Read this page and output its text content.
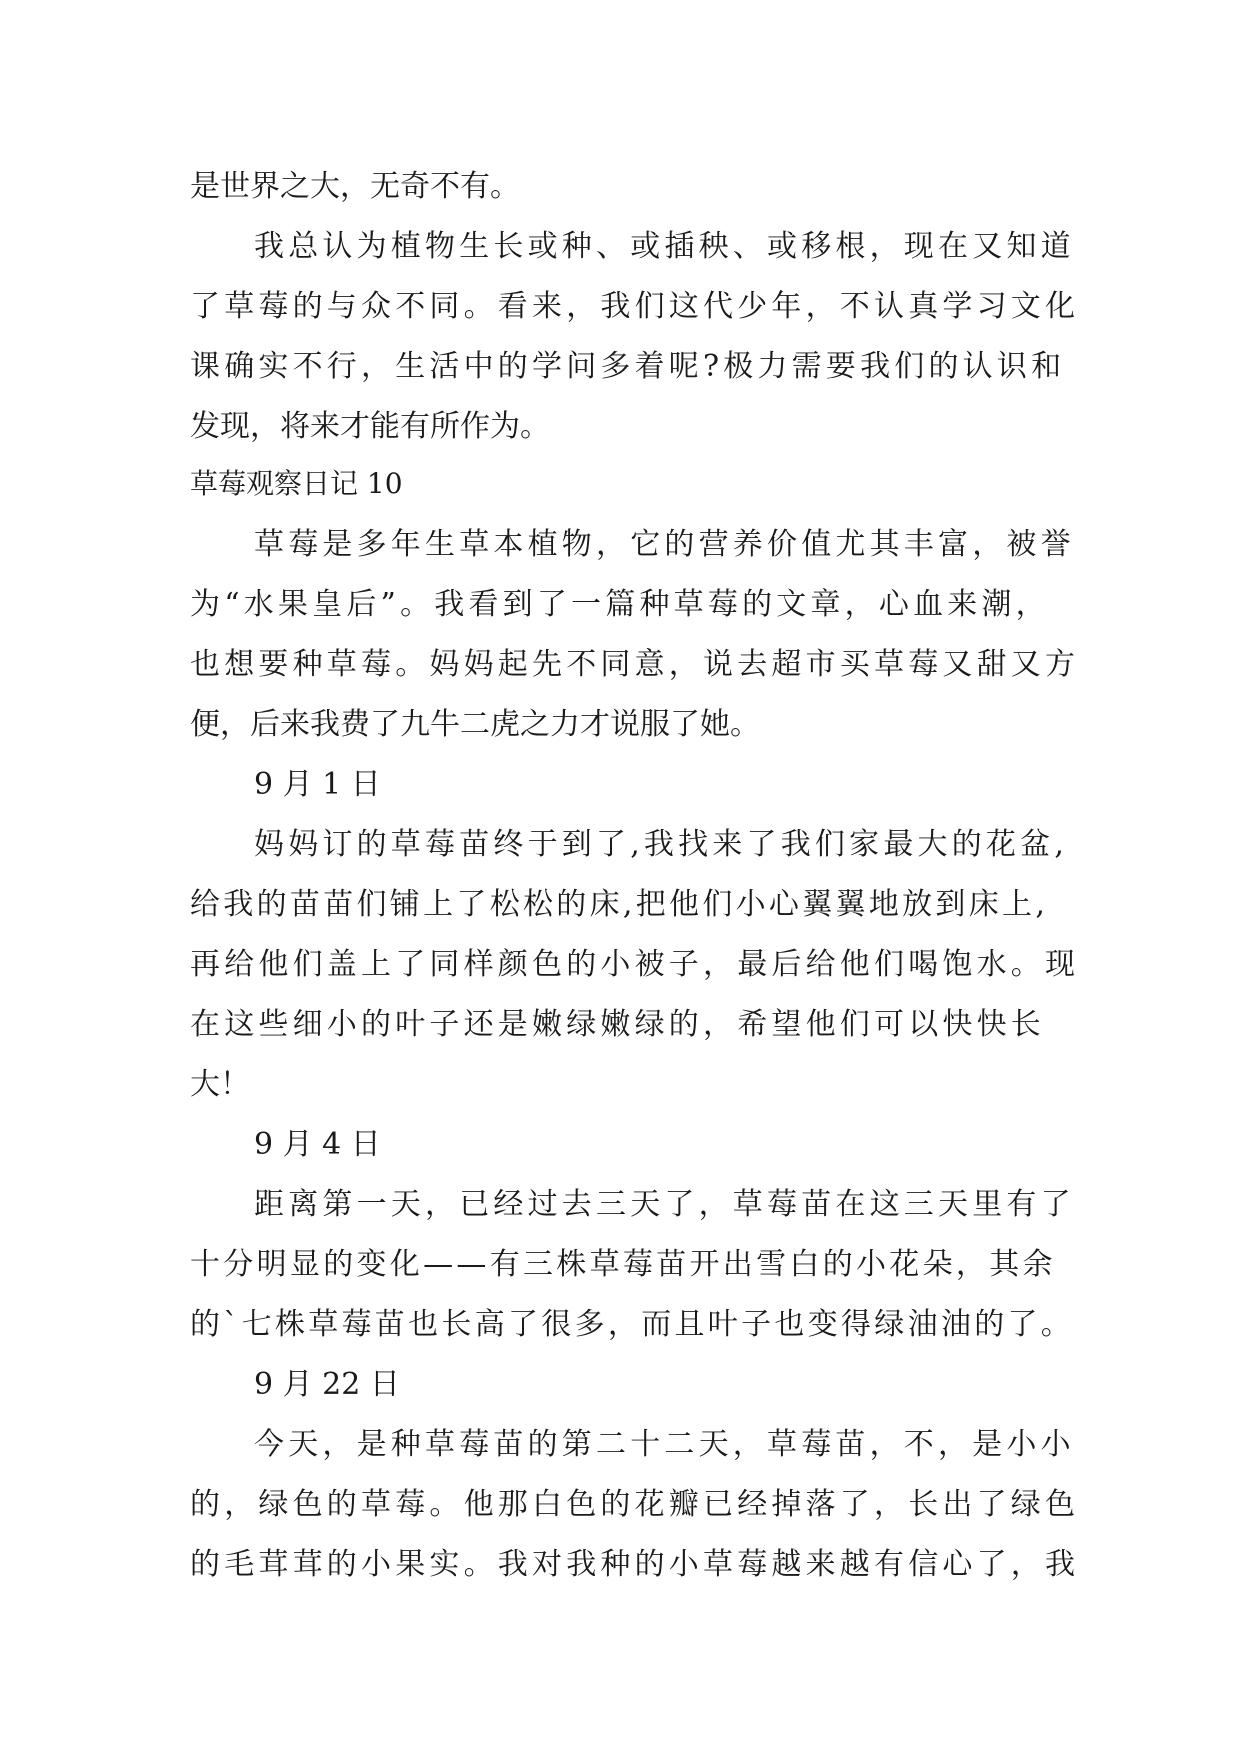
是世界之大，无奇不有。
我总认为植物生长或种、或插秧、或移根，现在又知道
了草莓的与众不同。看来，我们这代少年，不认真学习文化
课确实不行，生活中的学问多着呢?极力需要我们的认识和
发现，将来才能有所作为。
草莓观察日记 10
草莓是多年生草本植物，它的营养价值尤其丰富，被誉
为“水果皇后”。我看到了一篇种草莓的文章，心血来潮，
也想要种草莓。妈妈起先不同意，说去超市买草莓又甜又方
便，后来我费了九牛二虎之力才说服了她。
9 月 1 日
妈妈订的草莓苗终于到了,我找来了我们家最大的花盆,
给我的苗苗们铺上了松松的床,把他们小心翼翼地放到床上,
再给他们盖上了同样颜色的小被子，最后给他们喝饱水。现
在这些细小的叶子还是嫩绿嫩绿的，希望他们可以快快长
大！
9 月 4 日
距离第一天，已经过去三天了，草莓苗在这三天里有了
十分明显的变化——有三株草莓苗开出雪白的小花朵，其余
的`七株草莓苗也长高了很多，而且叶子也变得绿油油的了。
9 月 22 日
今天，是种草莓苗的第二十二天，草莓苗，不，是小小
的，绿色的草莓。他那白色的花瓣已经掉落了，长出了绿色
的毛茸茸的小果实。我对我种的小草莓越来越有信心了，我
